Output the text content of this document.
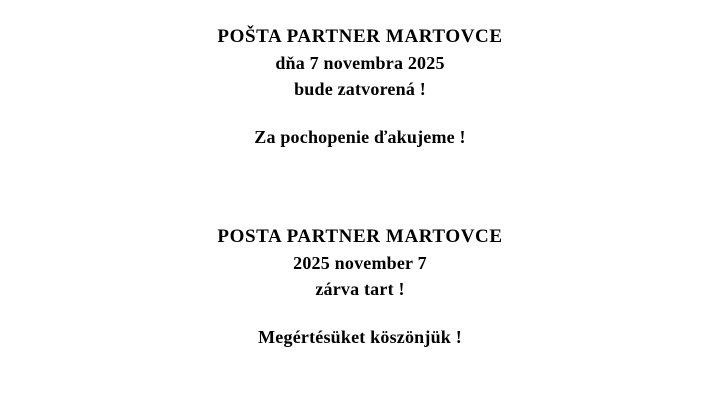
POŠTA PARTNER MARTOVCE
dňa 7 novembra 2025
bude zatvorená !
Za pochopenie ďakujeme !
POSTA PARTNER MARTOVCE
2025 november 7
zárva tart !
Megértésüket köszönjük !
